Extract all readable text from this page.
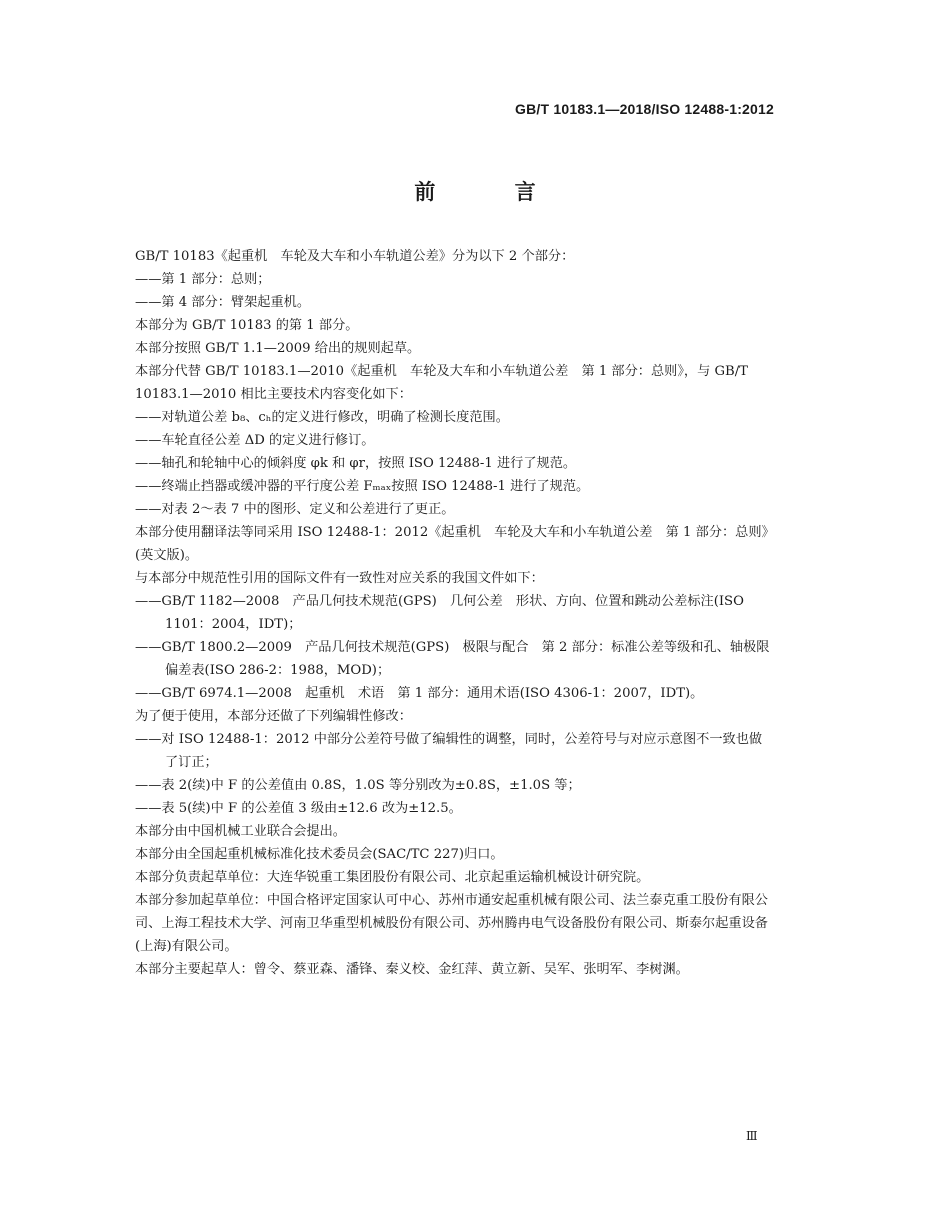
GB/T 10183.1—2018/ISO 12488-1:2012
前 言

GB/T 10183《起重机　车轮及大车和小车轨道公差》分为以下 2 个部分：

——第 1 部分：总则；

——第 4 部分：臂架起重机。

本部分为 GB/T 10183 的第 1 部分。

本部分按照 GB/T 1.1—2009 给出的规则起草。

本部分代替 GB/T 10183.1—2010《起重机　车轮及大车和小车轨道公差　第 1 部分：总则》，与 GB/T 10183.1—2010 相比主要技术内容变化如下：

——对轨道公差 b₈、cₕ的定义进行修改，明确了检测长度范围。

——车轮直径公差 ΔD 的定义进行修订。

——轴孔和轮轴中心的倾斜度 φk 和 φr，按照 ISO 12488-1 进行了规范。

——终端止挡器或缓冲器的平行度公差 Fₘₐₓ按照 ISO 12488-1 进行了规范。

——对表 2～表 7 中的图形、定义和公差进行了更正。

本部分使用翻译法等同采用 ISO 12488-1：2012《起重机　车轮及大车和小车轨道公差　第 1 部分：总则》(英文版)。

与本部分中规范性引用的国际文件有一致性对应关系的我国文件如下：

——GB/T 1182—2008　产品几何技术规范(GPS)　几何公差　形状、方向、位置和跳动公差标注(ISO 1101：2004，IDT)；

——GB/T 1800.2—2009　产品几何技术规范(GPS)　极限与配合　第 2 部分：标准公差等级和孔、轴极限偏差表(ISO 286-2：1988，MOD)；

——GB/T 6974.1—2008　起重机　术语　第 1 部分：通用术语(ISO 4306-1：2007，IDT)。

为了便于使用，本部分还做了下列编辑性修改：

——对 ISO 12488-1：2012 中部分公差符号做了编辑性的调整，同时，公差符号与对应示意图不一致也做了订正；

——表 2(续)中 F 的公差值由 0.8S，1.0S 等分别改为±0.8S，±1.0S 等；

——表 5(续)中 F 的公差值 3 级由±12.6 改为±12.5。

本部分由中国机械工业联合会提出。

本部分由全国起重机械标准化技术委员会(SAC/TC 227)归口。

本部分负责起草单位：大连华锐重工集团股份有限公司、北京起重运输机械设计研究院。

本部分参加起草单位：中国合格评定国家认可中心、苏州市通安起重机械有限公司、法兰泰克重工股份有限公司、上海工程技术大学、河南卫华重型机械股份有限公司、苏州腾冉电气设备股份有限公司、斯泰尔起重设备(上海)有限公司。

本部分主要起草人：曾令、蔡亚森、潘锋、秦义校、金红萍、黄立新、吴军、张明军、李树渊。

Ⅲ
